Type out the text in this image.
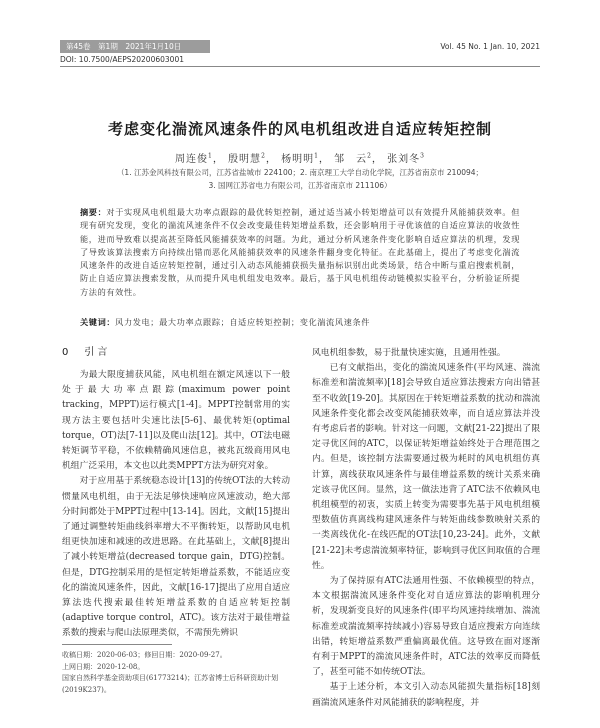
第45卷　第1期　2021年1月10日	Vol. 45 No. 1 Jan. 10, 2021
DOI: 10.7500/AEPS20200603001
考虑变化湍流风速条件的风电机组改进自适应转矩控制
周连俊$^1$， 殷明慧$^2$， 杨明明$^1$， 邹　云$^2$， 张刘冬$^3$
（1. 江苏金风科技有限公司，江苏省盐城市 224100；2. 南京理工大学自动化学院，江苏省南京市 210094；
3. 国网江苏省电力有限公司，江苏省南京市 211106）
摘要：对于实现风电机组最大功率点跟踪的最优转矩控制，通过适当减小转矩增益可以有效提升风能捕获效率。但现有研究发现，变化的湍流风速条件不仅会改变最佳转矩增益系数，还会影响用于寻优该值的自适应算法的收敛性能，进而导致难以提高甚至降低风能捕获效率的问题。为此，通过分析风速条件变化影响自适应算法的机理，发现了导致该算法搜索方向持续出错而恶化风能捕获效率的风速条件翻身变化特征。在此基础上，提出了考虑变化湍流风速条件的改进自适应转矩控制，通过引入动态风能捕获损失量指标识别出此类场景，结合中断与重启搜索机制，防止自适应算法搜索发散，从而提升风电机组发电效率。最后，基于风电机组传动链模拟实验平台，分析验证所提方法的有效性。
关键词：风力发电；最大功率点跟踪；自适应转矩控制；变化湍流风速条件
0　引言

为最大限度捕获风能，风电机组在额定风速以下一般处于最大功率点跟踪(maximum power point tracking，MPPT)运行模式[1-4]。MPPT控制常用的实现方法主要包括叶尖速比法[5-6]、最优转矩(optimal torque，OT)法[7-11]以及爬山法[12]。其中，OT法电磁转矩调节平稳，不依赖精确风速信息，被兆瓦级商用风电机组广泛采用，本文也以此类MPPT方法为研究对象。

对于应用基于系统稳态设计[13]的传统OT法的大转动惯量风电机组，由于无法足够快速响应风速波动，绝大部分时间都处于MPPT过程中[13-14]。因此，文献[15]提出了通过调整转矩曲线斜率增大不平衡转矩，以帮助风电机组更快加速和减速的改进思路。在此基础上，文献[8]提出了减小转矩增益(decreased torque gain，DTG)控制。但是，DTG控制采用的是恒定转矩增益系数，不能适应变化的湍流风速条件，因此，文献[16-17]提出了应用自适应算法迭代搜索最佳转矩增益系数的自适应转矩控制(adaptive torque control，ATC)。该方法对于最佳增益系数的搜索与爬山法原理类似，不需预先辨识

风电机组参数，易于批量快速实施，且通用性强。

已有文献指出，变化的湍流风速条件(平均风速、湍流标准差和湍流频率)[18]会导致自适应算法搜索方向出错甚至不收敛[19-20]。其原因在于转矩增益系数的扰动和湍流风速条件变化都会改变风能捕获效率，而自适应算法并没有考虑后者的影响。针对这一问题，文献[21-22]提出了限定寻优区间的ATC，以保证转矩增益始终处于合理范围之内。但是，该控制方法需要通过极为耗时的风电机组仿真计算，离线获取风速条件与最佳增益系数的统计关系来确定该寻优区间。显然，这一做法违背了ATC法不依赖风电机组模型的初衷，实质上转变为需要事先基于风电机组模型数值仿真离线构建风速条件与转矩曲线参数映射关系的一类离线优化-在线匹配的OT法[10,23-24]。此外，文献[21-22]未考虑湍流频率特征，影响到寻优区间取值的合理性。

为了保持原有ATC法通用性强、不依赖模型的特点，本文根据湍流风速条件变化对自适应算法的影响机理分析，发现新变良好的风速条件(即平均风速持续增加、湍流标准差或湍流频率持续减小)容易导致自适应搜索方向连续出错，转矩增益系数严重偏离最优值。这导致在面对逐渐有利于MPPT的湍流风速条件时，ATC法的效率反而降低了，甚至可能不如传统OT法。

基于上述分析，本文引入动态风能损失量指标[18]刻画湍流风速条件对风能捕获的影响程度，并

收稿日期：2020-06-03；修回日期：2020-09-27。
上网日期：2020-12-08。
国家自然科学基金资助项目(61773214)；江苏省博士后科研资助计划(2019K237)。
